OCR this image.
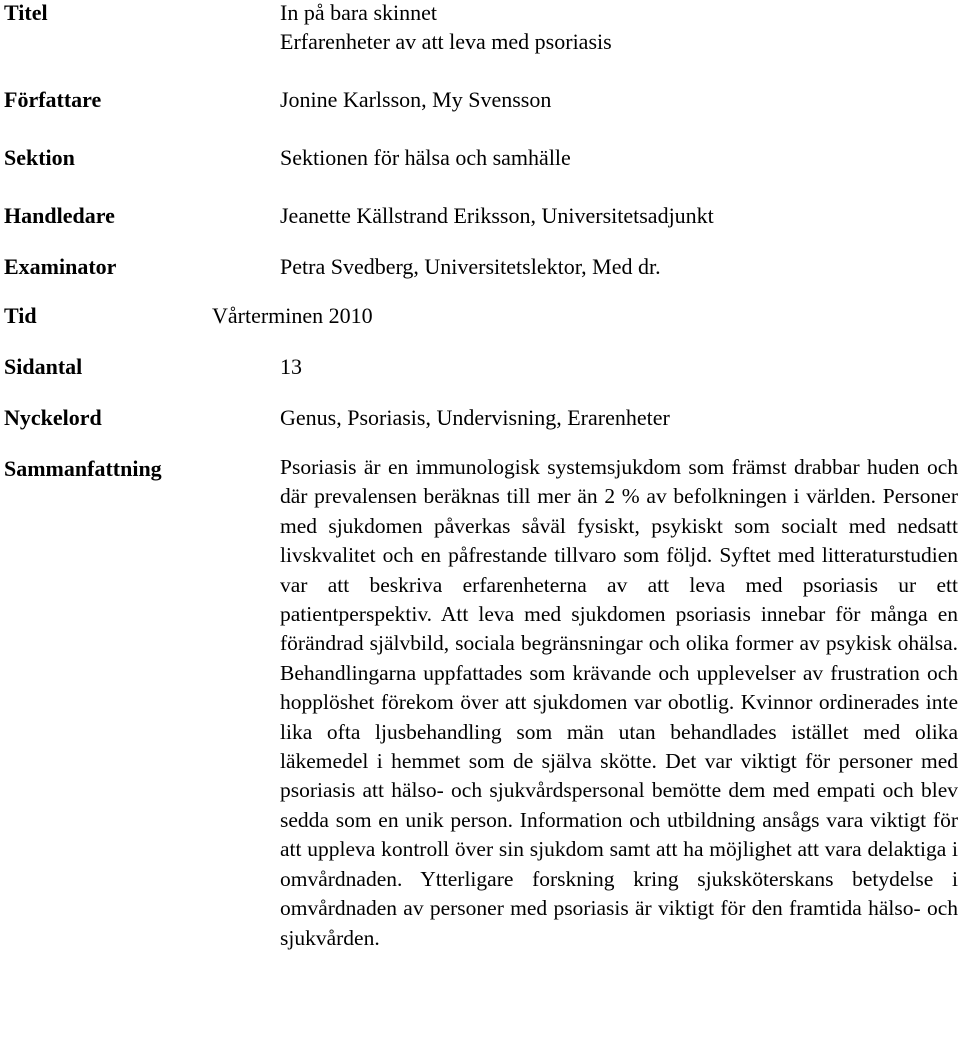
Titel	In på bara skinnet
Erfarenheter av att leva med psoriasis
Författare	Jonine Karlsson, My Svensson
Sektion	Sektionen för hälsa och samhälle
Handledare	Jeanette Källstrand Eriksson, Universitetsadjunkt
Examinator	Petra Svedberg, Universitetslektor, Med dr.
Tid	Vårterminen 2010
Sidantal	13
Nyckelord	Genus, Psoriasis, Undervisning, Erarenheter
Sammanfattning	Psoriasis är en immunologisk systemsjukdom som främst drabbar huden och där prevalensen beräknas till mer än 2 % av befolkningen i världen. Personer med sjukdomen påverkas såväl fysiskt, psykiskt som socialt med nedsatt livskvalitet och en påfrestande tillvaro som följd. Syftet med litteraturstudien var att beskriva erfarenheterna av att leva med psoriasis ur ett patientperspektiv. Att leva med sjukdomen psoriasis innebar för många en förändrad självbild, sociala begränsningar och olika former av psykisk ohälsa. Behandlingarna uppfattades som krävande och upplevelser av frustration och hopplöshet förekom över att sjukdomen var obotlig. Kvinnor ordinerades inte lika ofta ljusbehandling som män utan behandlades istället med olika läkemedel i hemmet som de själva skötte. Det var viktigt för personer med psoriasis att hälso- och sjukvårdspersonal bemötte dem med empati och blev sedda som en unik person. Information och utbildning ansågs vara viktigt för att uppleva kontroll över sin sjukdom samt att ha möjlighet att vara delaktiga i omvårdnaden. Ytterligare forskning kring sjuksköterskans betydelse i omvårdnaden av personer med psoriasis är viktigt för den framtida hälso- och sjukvården.
